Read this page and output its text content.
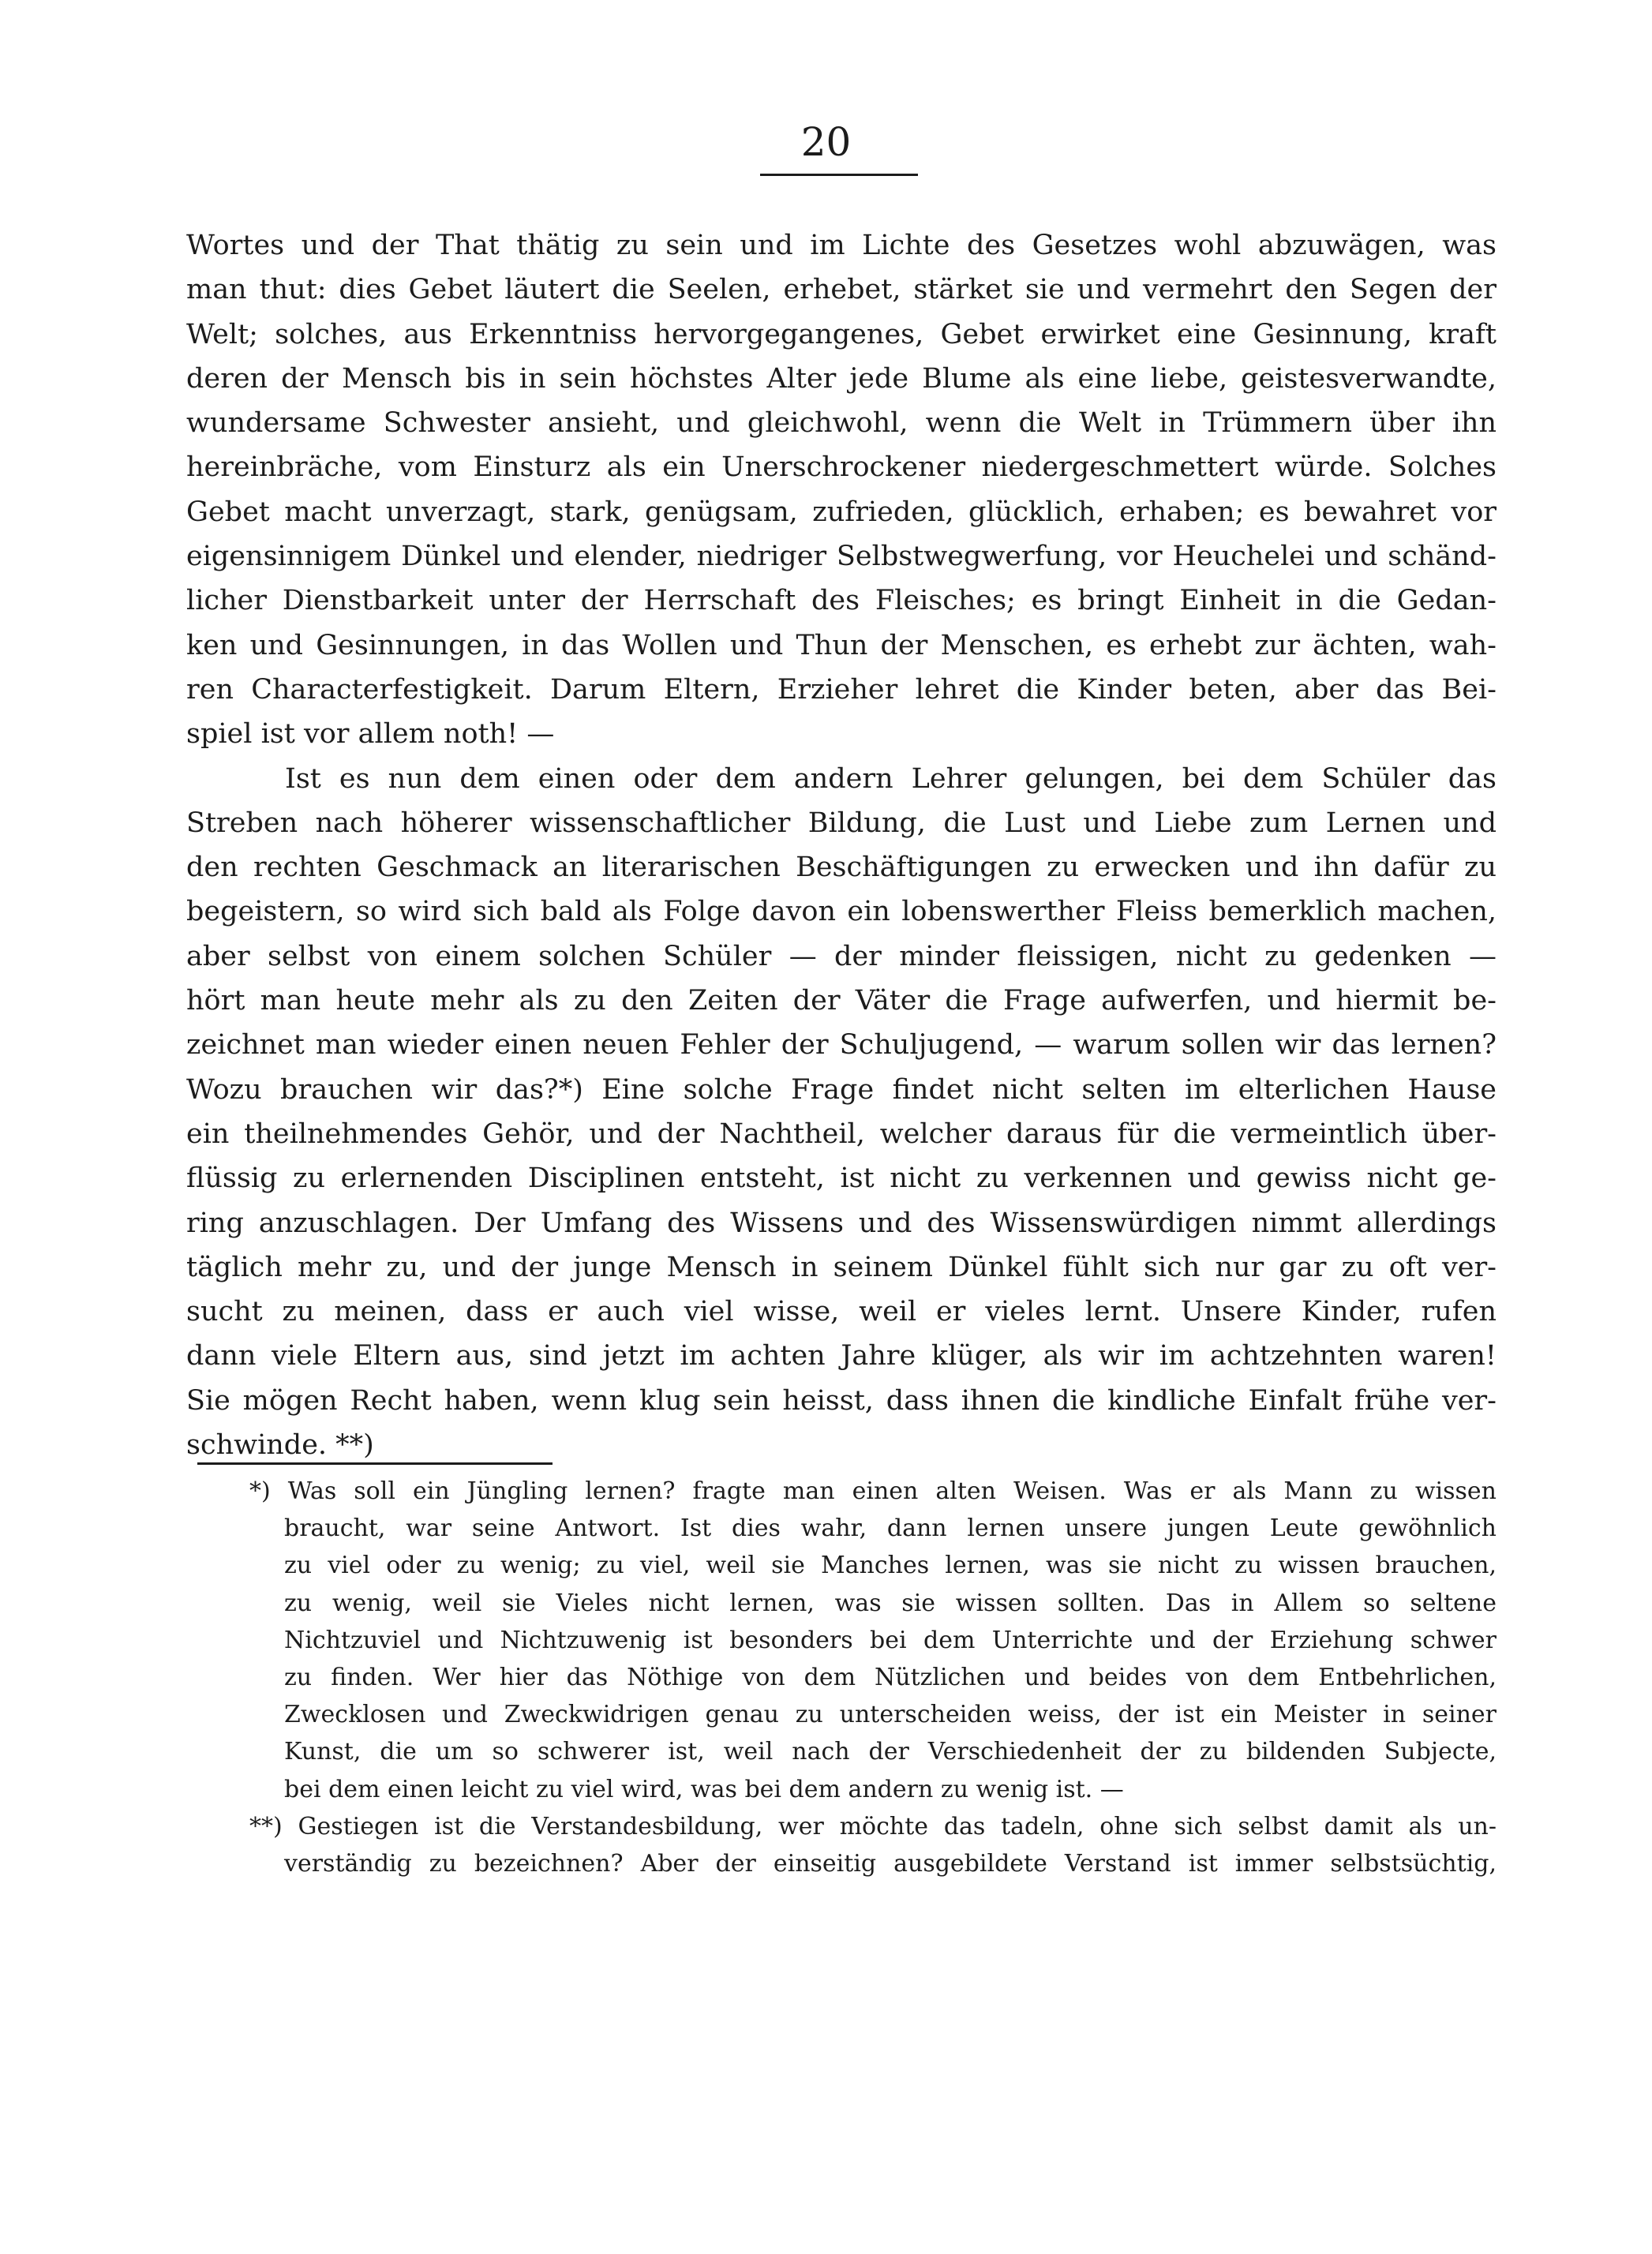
20
Wortes und der That thätig zu sein und im Lichte des Gesetzes wohl abzuwägen, was
man thut: dies Gebet läutert die Seelen, erhebet, stärket sie und vermehrt den Segen der
Welt; solches, aus Erkenntniss hervorgegangenes, Gebet erwirket eine Gesinnung, kraft
deren der Mensch bis in sein höchstes Alter jede Blume als eine liebe, geistesverwandte,
wundersame Schwester ansieht, und gleichwohl, wenn die Welt in Trümmern über ihn
hereinbräche, vom Einsturz als ein Unerschrockener niedergeschmettert würde. Solches
Gebet macht unverzagt, stark, genügsam, zufrieden, glücklich, erhaben; es bewahret vor
eigensinnigem Dünkel und elender, niedriger Selbstwegwerfung, vor Heuchelei und schänd-
licher Dienstbarkeit unter der Herrschaft des Fleisches; es bringt Einheit in die Gedan-
ken und Gesinnungen, in das Wollen und Thun der Menschen, es erhebt zur ächten, wah-
ren Characterfestigkeit. Darum Eltern, Erzieher lehret die Kinder beten, aber das Bei-
spiel ist vor allem noth! —
Ist es nun dem einen oder dem andern Lehrer gelungen, bei dem Schüler das
Streben nach höherer wissenschaftlicher Bildung, die Lust und Liebe zum Lernen und
den rechten Geschmack an literarischen Beschäftigungen zu erwecken und ihn dafür zu
begeistern, so wird sich bald als Folge davon ein lobenswerther Fleiss bemerklich machen,
aber selbst von einem solchen Schüler — der minder fleissigen, nicht zu gedenken —
hört man heute mehr als zu den Zeiten der Väter die Frage aufwerfen, und hiermit be-
zeichnet man wieder einen neuen Fehler der Schuljugend, — warum sollen wir das lernen?
Wozu brauchen wir das?*) Eine solche Frage findet nicht selten im elterlichen Hause
ein theilnehmendes Gehör, und der Nachtheil, welcher daraus für die vermeintlich über-
flüssig zu erlernenden Disciplinen entsteht, ist nicht zu verkennen und gewiss nicht ge-
ring anzuschlagen. Der Umfang des Wissens und des Wissenswürdigen nimmt allerdings
täglich mehr zu, und der junge Mensch in seinem Dünkel fühlt sich nur gar zu oft ver-
sucht zu meinen, dass er auch viel wisse, weil er vieles lernt. Unsere Kinder, rufen
dann viele Eltern aus, sind jetzt im achten Jahre klüger, als wir im achtzehnten waren!
Sie mögen Recht haben, wenn klug sein heisst, dass ihnen die kindliche Einfalt frühe ver-
schwinde. **)
*) Was soll ein Jüngling lernen? fragte man einen alten Weisen. Was er als Mann zu wissen
braucht, war seine Antwort. Ist dies wahr, dann lernen unsere jungen Leute gewöhnlich
zu viel oder zu wenig; zu viel, weil sie Manches lernen, was sie nicht zu wissen brauchen,
zu wenig, weil sie Vieles nicht lernen, was sie wissen sollten. Das in Allem so seltene
Nichtzuviel und Nichtzuwenig ist besonders bei dem Unterrichte und der Erziehung schwer
zu finden. Wer hier das Nöthige von dem Nützlichen und beides von dem Entbehrlichen,
Zwecklosen und Zweckwidrigen genau zu unterscheiden weiss, der ist ein Meister in seiner
Kunst, die um so schwerer ist, weil nach der Verschiedenheit der zu bildenden Subjecte,
bei dem einen leicht zu viel wird, was bei dem andern zu wenig ist. —
**) Gestiegen ist die Verstandesbildung, wer möchte das tadeln, ohne sich selbst damit als un-
verständig zu bezeichnen? Aber der einseitig ausgebildete Verstand ist immer selbstsüchtig,
